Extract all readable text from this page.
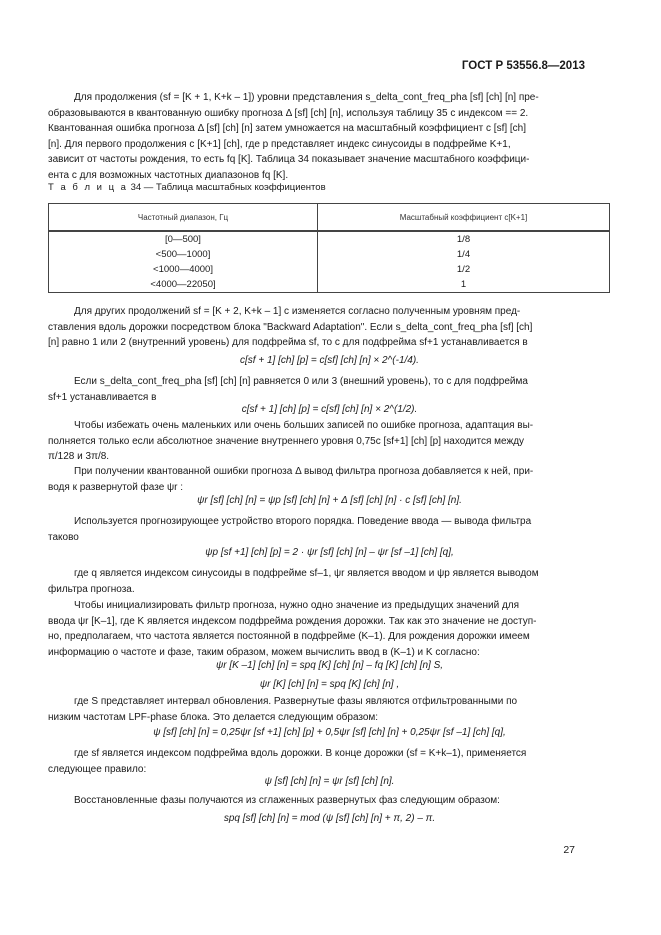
ГОСТ Р 53556.8—2013
Для продолжения (sf = [K + 1, K+k – 1]) уровни представления s_delta_cont_freq_pha [sf] [ch] [n] пре-
образовываются в квантованную ошибку прогноза Δ [sf] [ch] [n], используя таблицу 35 с индексом == 2.
Квантованная ошибка прогноза Δ [sf] [ch] [n] затем умножается на масштабный коэффициент c [sf] [ch]
[n]. Для первого продолжения c [K+1] [ch], где p представляет индекс синусоиды в подфрейме K+1,
зависит от частоты рождения, то есть fq [K]. Таблица 34 показывает значение масштабного коэффици-
ента c для возможных частотных диапазонов fq [K].
Т а б л и ц а 34 — Таблица масштабных коэффициентов
Частотный диапазон, Гц	Масштабный коэффициент c[K+1]
[0—500]	1/8
<500—1000]	1/4
<1000—4000]	1/2
<4000—22050]	1
Для других продолжений sf = [K + 2, K+k – 1] c изменяется согласно полученным уровням пред-
ставления вдоль дорожки посредством блока "Backward Adaptation". Если s_delta_cont_freq_pha [sf] [ch]
[n] равно 1 или 2 (внутренний уровень) для подфрейма sf, то c для подфрейма sf+1 устанавливается в
c[sf + 1] [ch] [p] = c[sf] [ch] [n] × 2^(-1/4).
Если s_delta_cont_freq_pha [sf] [ch] [n] равняется 0 или 3 (внешний уровень), то c для подфрейма
sf+1 устанавливается в
c[sf + 1] [ch] [p] = c[sf] [ch] [n] × 2^(1/2).
Чтобы избежать очень маленьких или очень больших записей по ошибке прогноза, адаптация вы-
полняется только если абсолютное значение внутреннего уровня 0,75c [sf+1] [ch] [p] находится между
π/128 и 3π/8.
При получении квантованной ошибки прогноза Δ вывод фильтра прогноза добавляется к ней, при-
водя к развернутой фазе ψr :
ψr [sf] [ch] [n] = ψp [sf] [ch] [n] + Δ [sf] [ch] [n] · c [sf] [ch] [n].
Используется прогнозирующее устройство второго порядка. Поведение ввода — вывода фильтра
таково
ψp [sf +1] [ch] [p] = 2 · ψr [sf] [ch] [n] – ψr [sf –1] [ch] [q],
где q является индексом синусоиды в подфрейме sf–1, ψr является вводом и ψp является выводом
фильтра прогноза.
Чтобы инициализировать фильтр прогноза, нужно одно значение из предыдущих значений для
ввода ψr [K–1], где K является индексом подфрейма рождения дорожки. Так как это значение не доступ-
но, предполагаем, что частота является постоянной в подфрейме (K–1). Для рождения дорожки имеем
информацию о частоте и фазе, таким образом, можем вычислить ввод в (K–1) и K согласно:
ψr [K –1] [ch] [n] = spq [K] [ch] [n] – fq [K] [ch] [n] S,
ψr [K] [ch] [n] = spq [K] [ch] [n] ,
где S представляет интервал обновления. Развернутые фазы являются отфильтрованными по
низким частотам LPF-phase блока. Это делается следующим образом:
ψ [sf] [ch] [n] = 0,25ψr [sf +1] [ch] [p] + 0,5ψr [sf] [ch] [n] + 0,25ψr [sf –1] [ch] [q],
где sf является индексом подфрейма вдоль дорожки. В конце дорожки (sf = K+k–1), применяется
следующее правило:
ψ [sf] [ch] [n] = ψr [sf] [ch] [n].
Восстановленные фазы получаются из сглаженных развернутых фаз следующим образом:
spq [sf] [ch] [n] = mod (ψ [sf] [ch] [n] + π, 2) – π.
27
